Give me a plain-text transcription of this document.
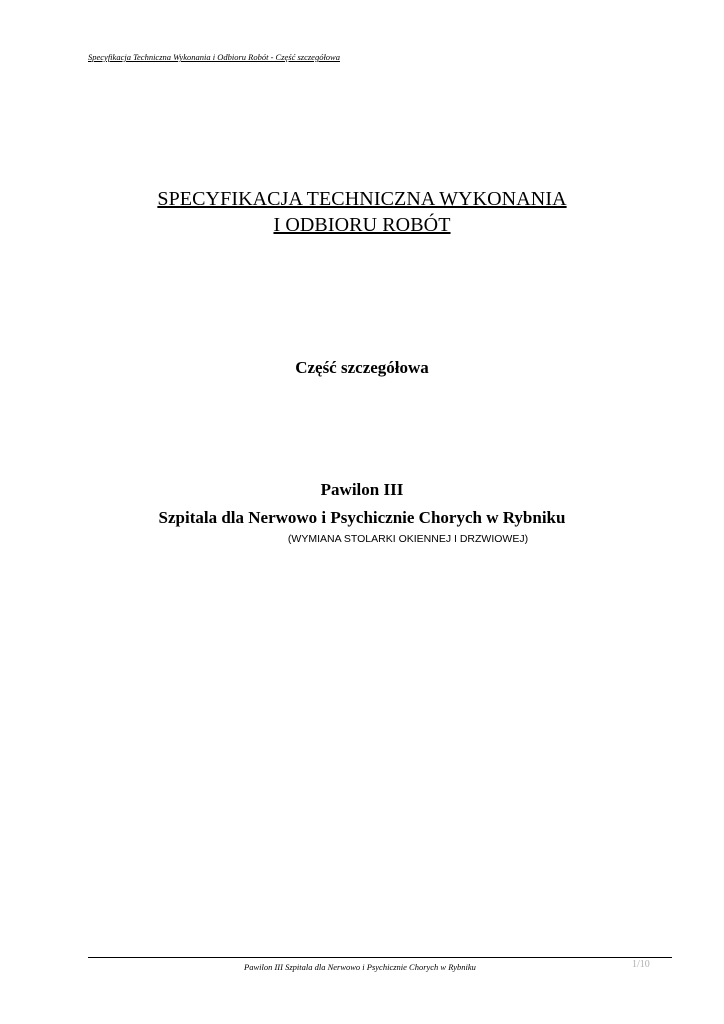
Specyfikacja Techniczna Wykonania i Odbioru Robót - Część szczegółowa
SPECYFIKACJA TECHNICZNA WYKONANIA
I ODBIORU ROBÓT
Część szczegółowa
Pawilon III
Szpitala dla Nerwowo i Psychicznie Chorych w Rybniku
(WYMIANA STOLARKI OKIENNEJ I DRZWIOWEJ)
Pawilon III Szpitala dla Nerwowo i Psychicznie Chorych w Rybniku	1/10
